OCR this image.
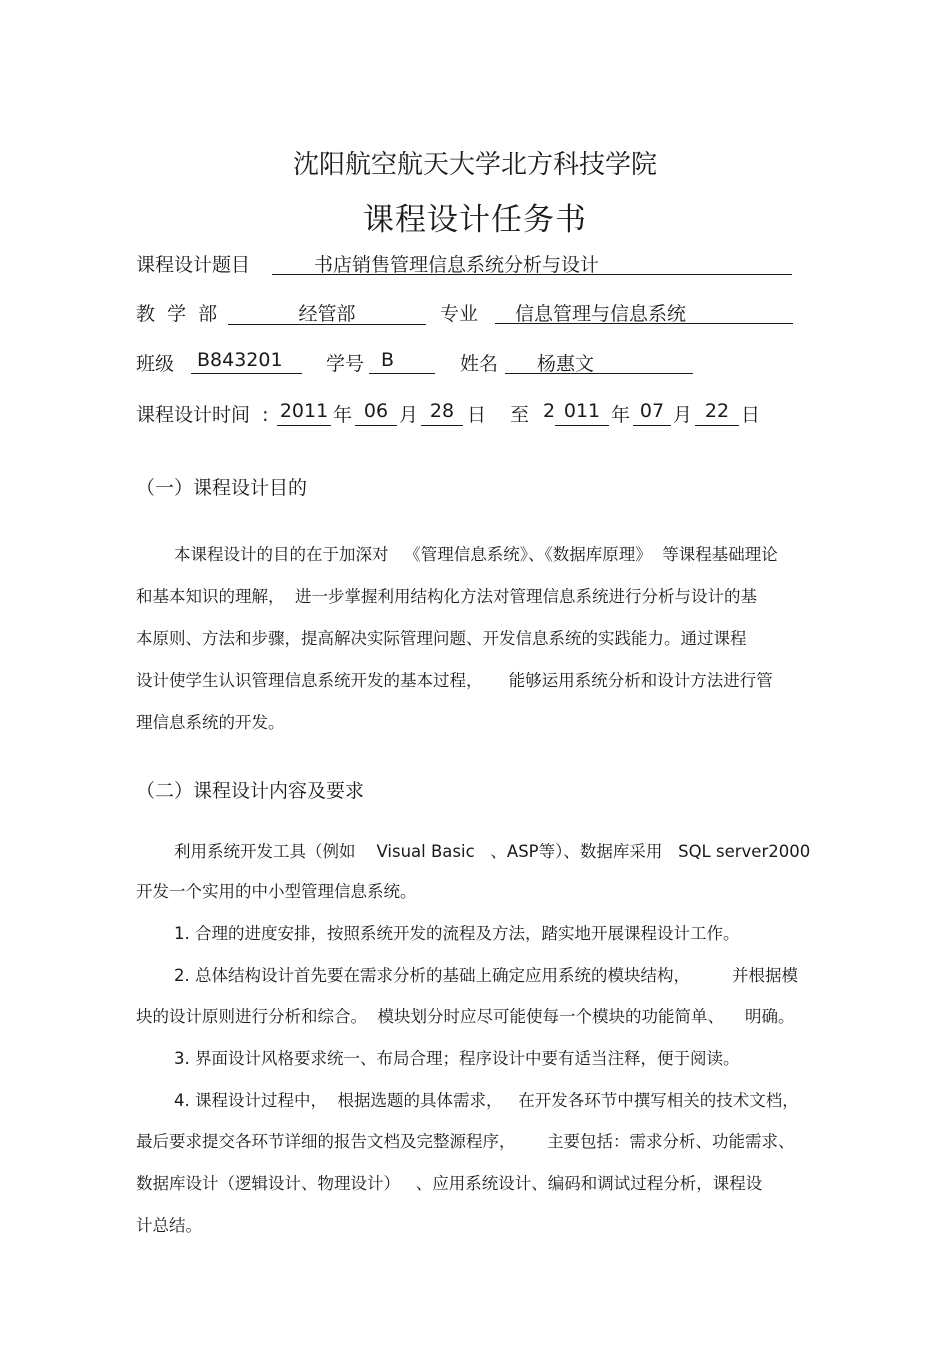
沈阳航空航天大学北方科技学院
课程设计任务书
课程设计题目	书店销售管理信息系统分析与设计
教  学  部	经管部	专业	信息管理与信息系统
班级	B843201	学号 B	姓名	杨惠文
课程设计时间  : 2011 年 06 月 28 日 至 2 011 年 07 月 22 日
（一）课程设计目的
本课程设计的目的在于加深对   《管理信息系统》、《数据库原理》  等课程基础理论
和基本知识的理解，  进一步掌握利用结构化方法对管理信息系统进行分析与设计的基
本原则、方法和步骤，提高解决实际管理问题、开发信息系统的实践能力。通过课程
设计使学生认识管理信息系统开发的基本过程，     能够运用系统分析和设计方法进行管
理信息系统的开发。
（二）课程设计内容及要求
利用系统开发工具（例如    Visual Basic   、ASP等）、数据库采用   SQL server2000
开发一个实用的中小型管理信息系统。
1. 合理的进度安排，按照系统开发的流程及方法，踏实地开展课程设计工作。
2. 总体结构设计首先要在需求分析的基础上确定应用系统的模块结构，        并根据模
块的设计原则进行分析和综合。  模块划分时应尽可能使每一个模块的功能简单、    明确。
3. 界面设计风格要求统一、布局合理；程序设计中要有适当注释，便于阅读。
4. 课程设计过程中，  根据选题的具体需求，   在开发各环节中撰写相关的技术文档，
最后要求提交各环节详细的报告文档及完整源程序，      主要包括：需求分析、功能需求、
数据库设计（逻辑设计、物理设计）   、应用系统设计、编码和调试过程分析，课程设
计总结。
